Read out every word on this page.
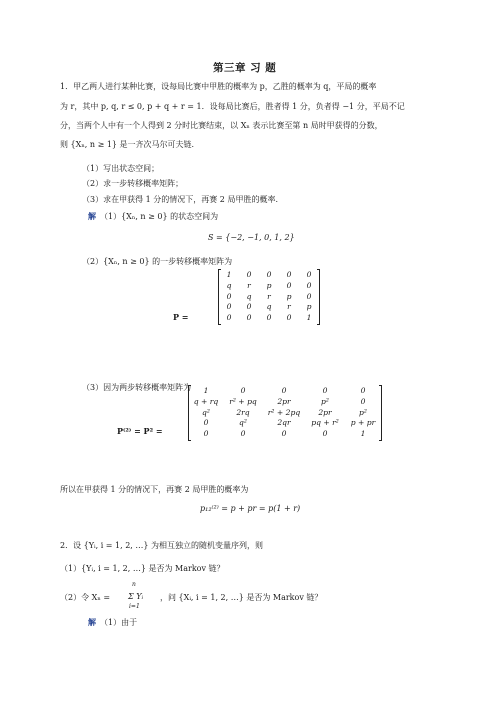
第三章 习 题
1．甲乙两人进行某种比赛，设每局比赛中甲胜的概率为 p，乙胜的概率为 q，平局的概率
为 r，其中 p, q, r ≤ 0, p + q + r = 1．设每局比赛后，胜者得 1 分，负者得 −1 分，平局不记
分，当两个人中有一个人得到 2 分时比赛结束，以 Xₙ 表示比赛至第 n 局时甲获得的分数，
则 {Xₙ, n ≥ 1} 是一齐次马尔可夫链.
（1）写出状态空间；
（2）求一步转移概率矩阵；
（3）求在甲获得 1 分的情况下，再赛 2 局甲胜的概率.
解 （1）{Xₙ, n ≥ 0} 的状态空间为
S = {−2, −1, 0, 1, 2}
（2）{Xₙ, n ≥ 0} 的一步转移概率矩阵为
P =
1	0	0	0	0
q	r	p	0	0
0	q	r	p	0
0	0	q	r	p
0	0	0	0	1
（3）因为两步转移概率矩阵为
P⁽²⁾ = P² =
1	0	0	0	0
q + rq	r² + pq	2pr	p²	0
q²	2rq	r² + 2pq	2pr	p²
0	q²	2qr	pq + r²	p + pr
0	0	0	0	1
所以在甲获得 1 分的情况下，再赛 2 局甲胜的概率为
p₁₂⁽²⁾ = p + pr = p(1 + r)
2．设 {Yᵢ, i = 1, 2, …} 为相互独立的随机变量序列，则
（1）{Yᵢ, i = 1, 2, …} 是否为 Markov 链？
（2）令 Xₙ =
n
Σ Yᵢ
i=1
，问 {Xᵢ, i = 1, 2, …} 是否为 Markov 链？
解 （1）由于
